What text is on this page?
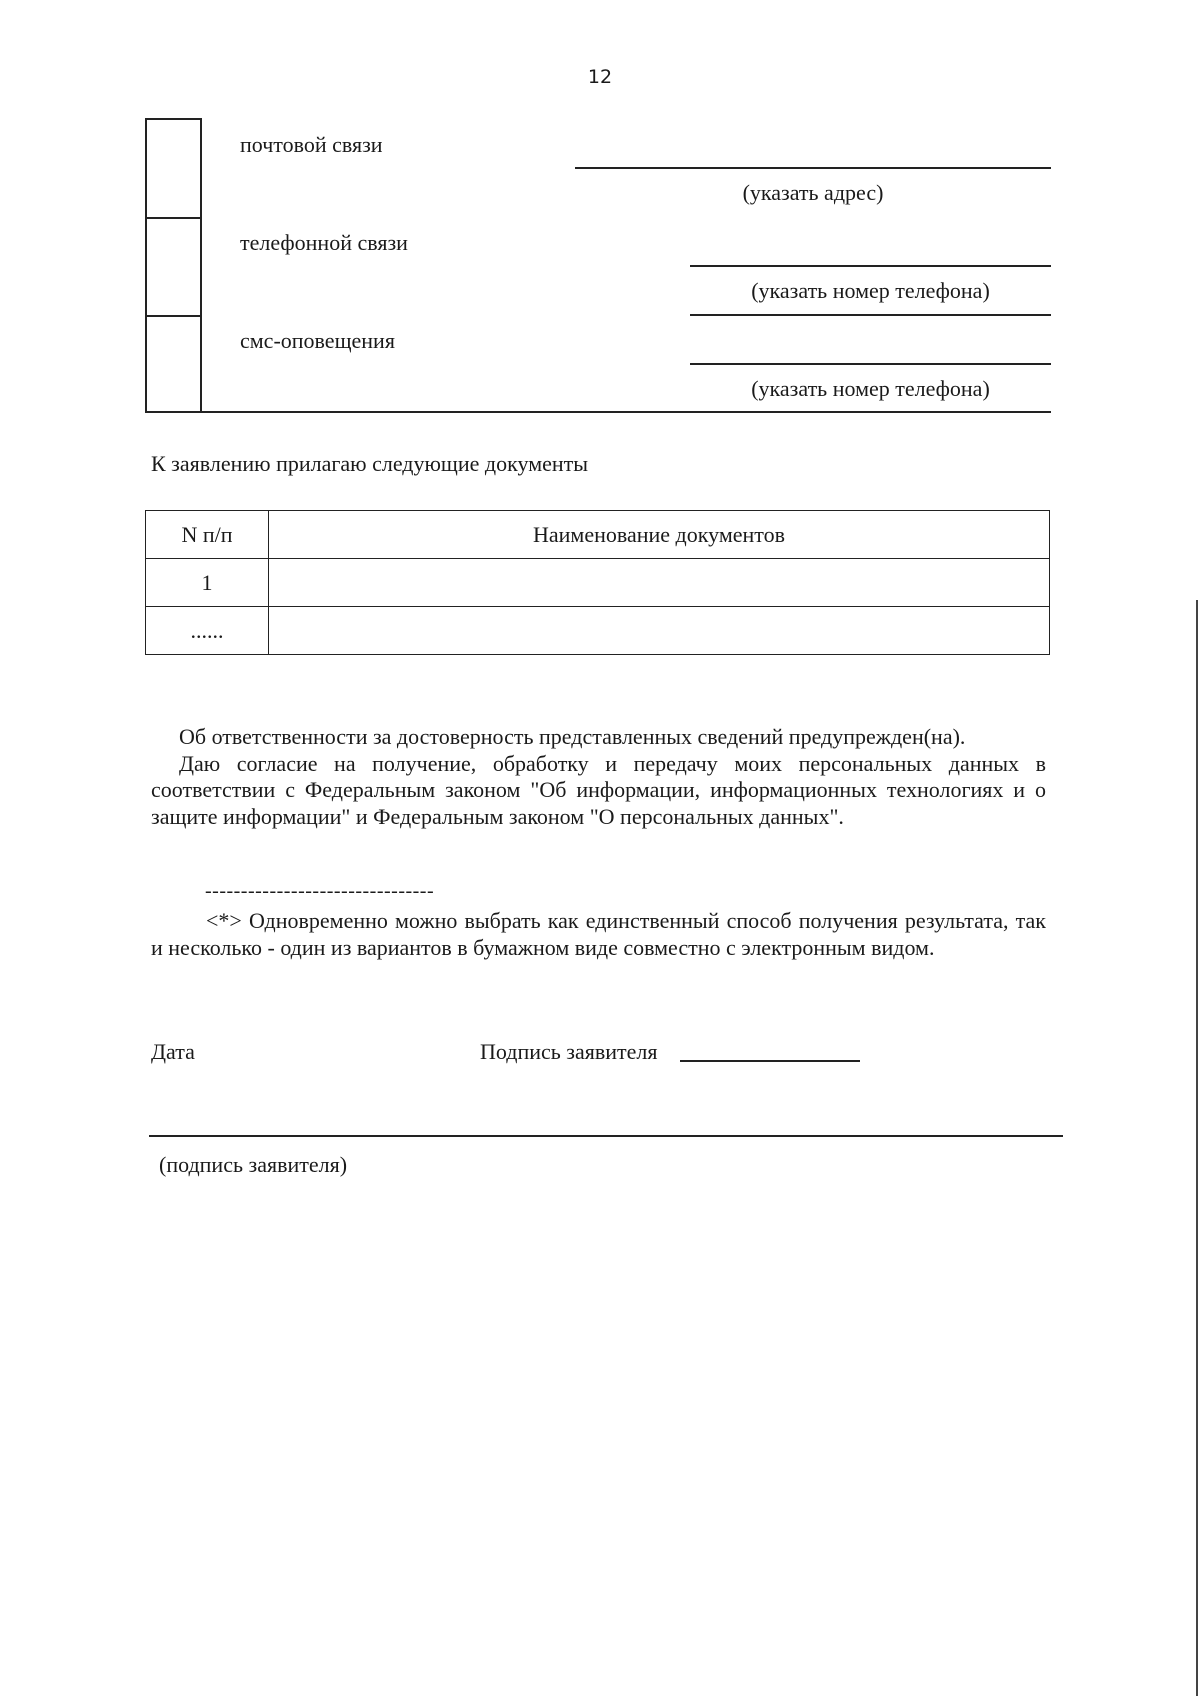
12
почтовой связи
(указать адрес)
телефонной связи
(указать номер телефона)
смс-оповещения
(указать номер телефона)
К заявлению прилагаю следующие документы
N п/п	Наименование документов
1	
......	

Об ответственности за достоверность представленных сведений предупрежден(на).

Даю согласие на получение, обработку и передачу моих персональных данных в соответствии с Федеральным законом "Об информации, информационных технологиях и о защите информации" и Федеральным законом "О персональных данных".

--------------------------------

<*> Одновременно можно выбрать как единственный способ получения результата, так и несколько - один из вариантов в бумажном виде совместно с электронным видом.

Дата	Подпись заявителя
(подпись заявителя)
